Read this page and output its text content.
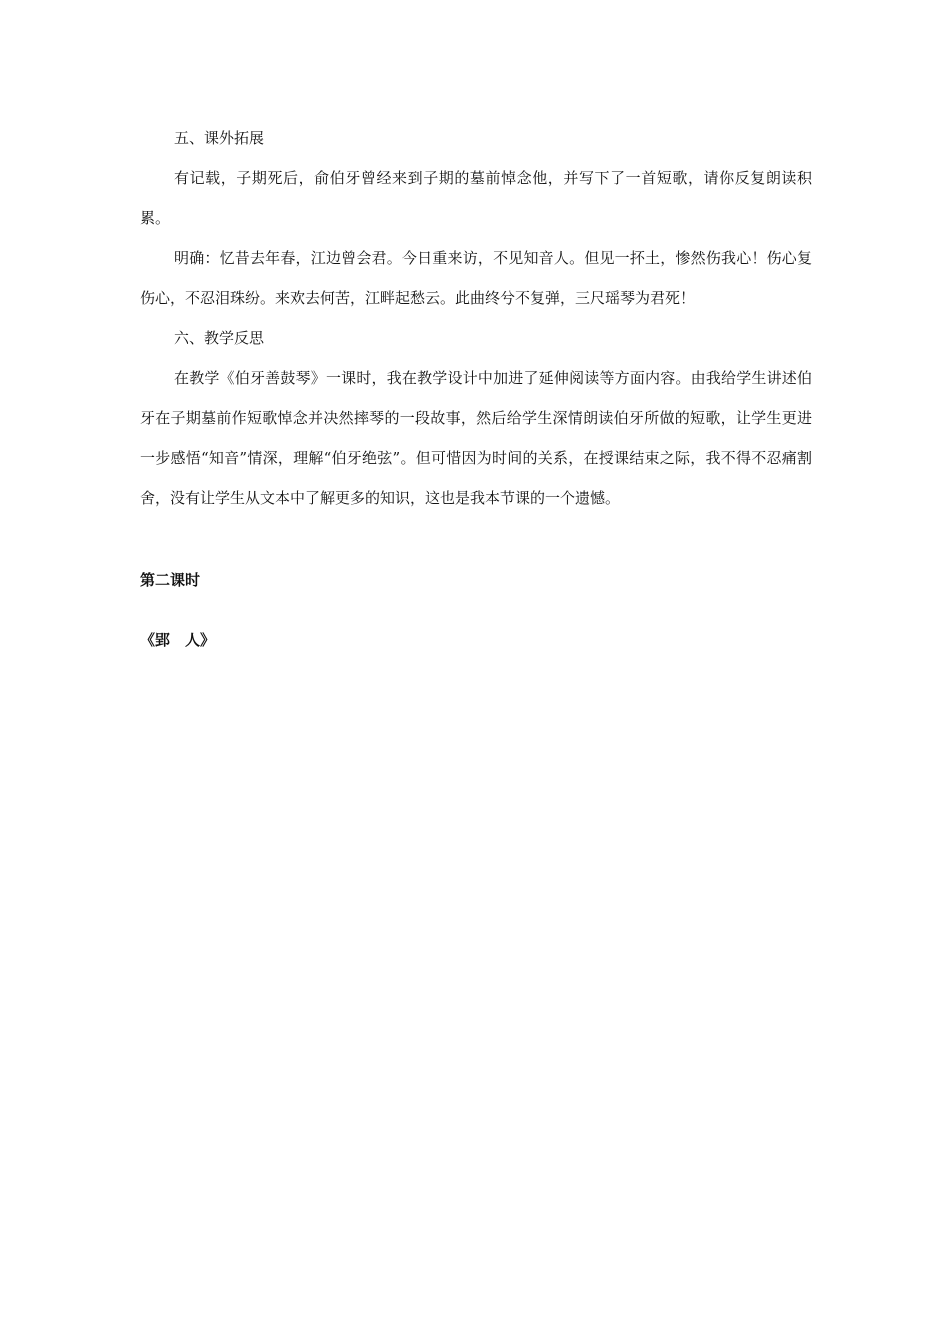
五、课外拓展

有记载，子期死后，俞伯牙曾经来到子期的墓前悼念他，并写下了一首短歌，请你反复朗读积累。

明确：忆昔去年春，江边曾会君。今日重来访，不见知音人。但见一抔土，惨然伤我心！伤心复伤心，不忍泪珠纷。来欢去何苦，江畔起愁云。此曲终兮不复弹，三尺瑶琴为君死！

六、教学反思

在教学《伯牙善鼓琴》一课时，我在教学设计中加进了延伸阅读等方面内容。由我给学生讲述伯牙在子期墓前作短歌悼念并决然摔琴的一段故事，然后给学生深情朗读伯牙所做的短歌，让学生更进一步感悟“知音”情深，理解“伯牙绝弦”。但可惜因为时间的关系，在授课结束之际，我不得不忍痛割舍，没有让学生从文本中了解更多的知识，这也是我本节课的一个遗憾。

第二课时

《郢　人》
